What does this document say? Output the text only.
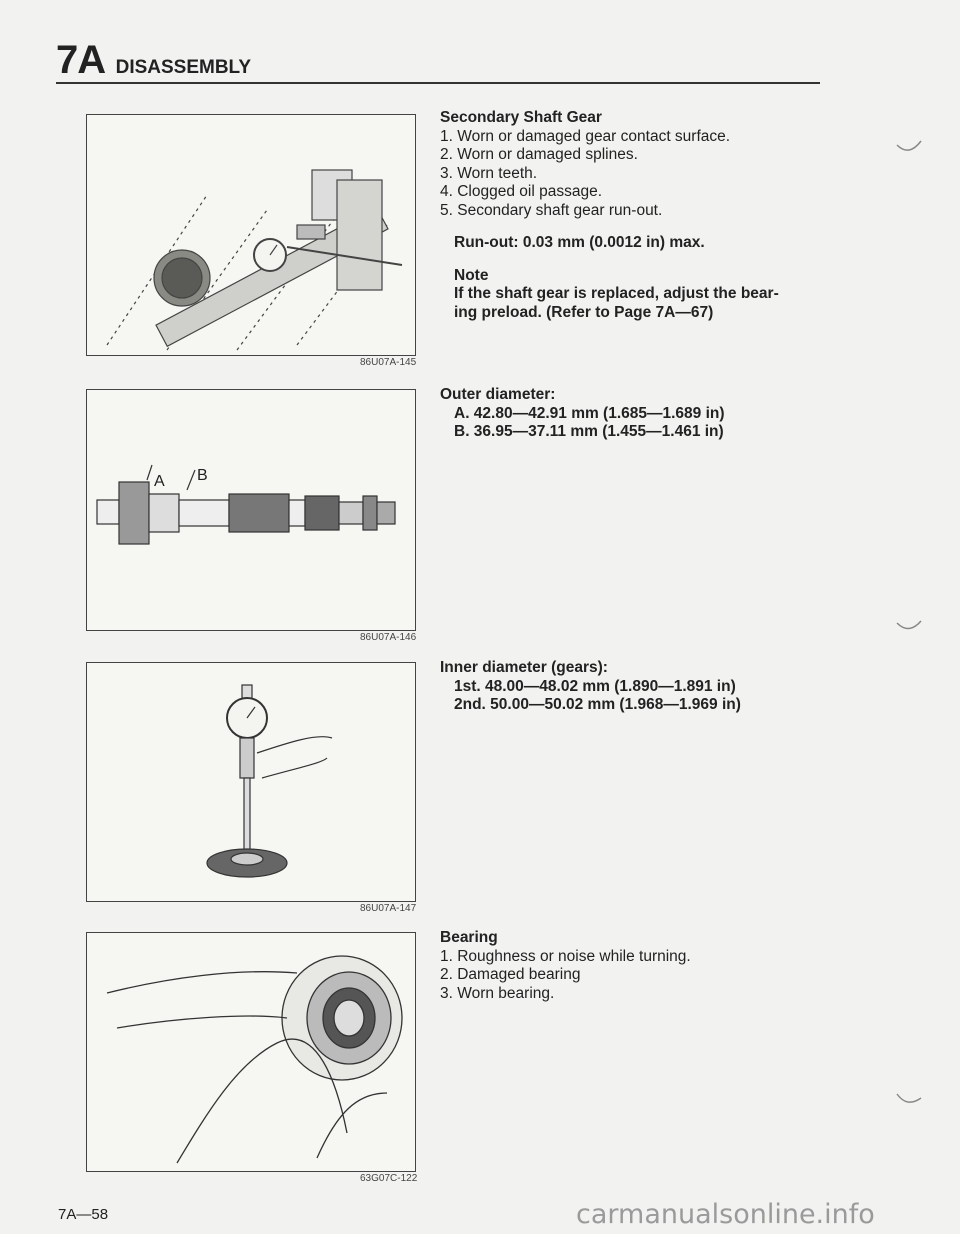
7A DISASSEMBLY
86U07A-145
A B
86U07A-146
86U07A-147
63G07C-122
Secondary Shaft Gear
1. Worn or damaged gear contact surface.
2. Worn or damaged splines.
3. Worn teeth.
4. Clogged oil passage.
5. Secondary shaft gear run-out.
Run-out: 0.03 mm (0.0012 in) max.
Note
If the shaft gear is replaced, adjust the bear-
ing preload. (Refer to Page 7A—67)
Outer diameter:
A. 42.80—42.91 mm (1.685—1.689 in)
B. 36.95—37.11 mm (1.455—1.461 in)
Inner diameter (gears):
1st. 48.00—48.02 mm (1.890—1.891 in)
2nd. 50.00—50.02 mm (1.968—1.969 in)
Bearing
1. Roughness or noise while turning.
2. Damaged bearing
3. Worn bearing.
7A—58	carmanualsonline.info
